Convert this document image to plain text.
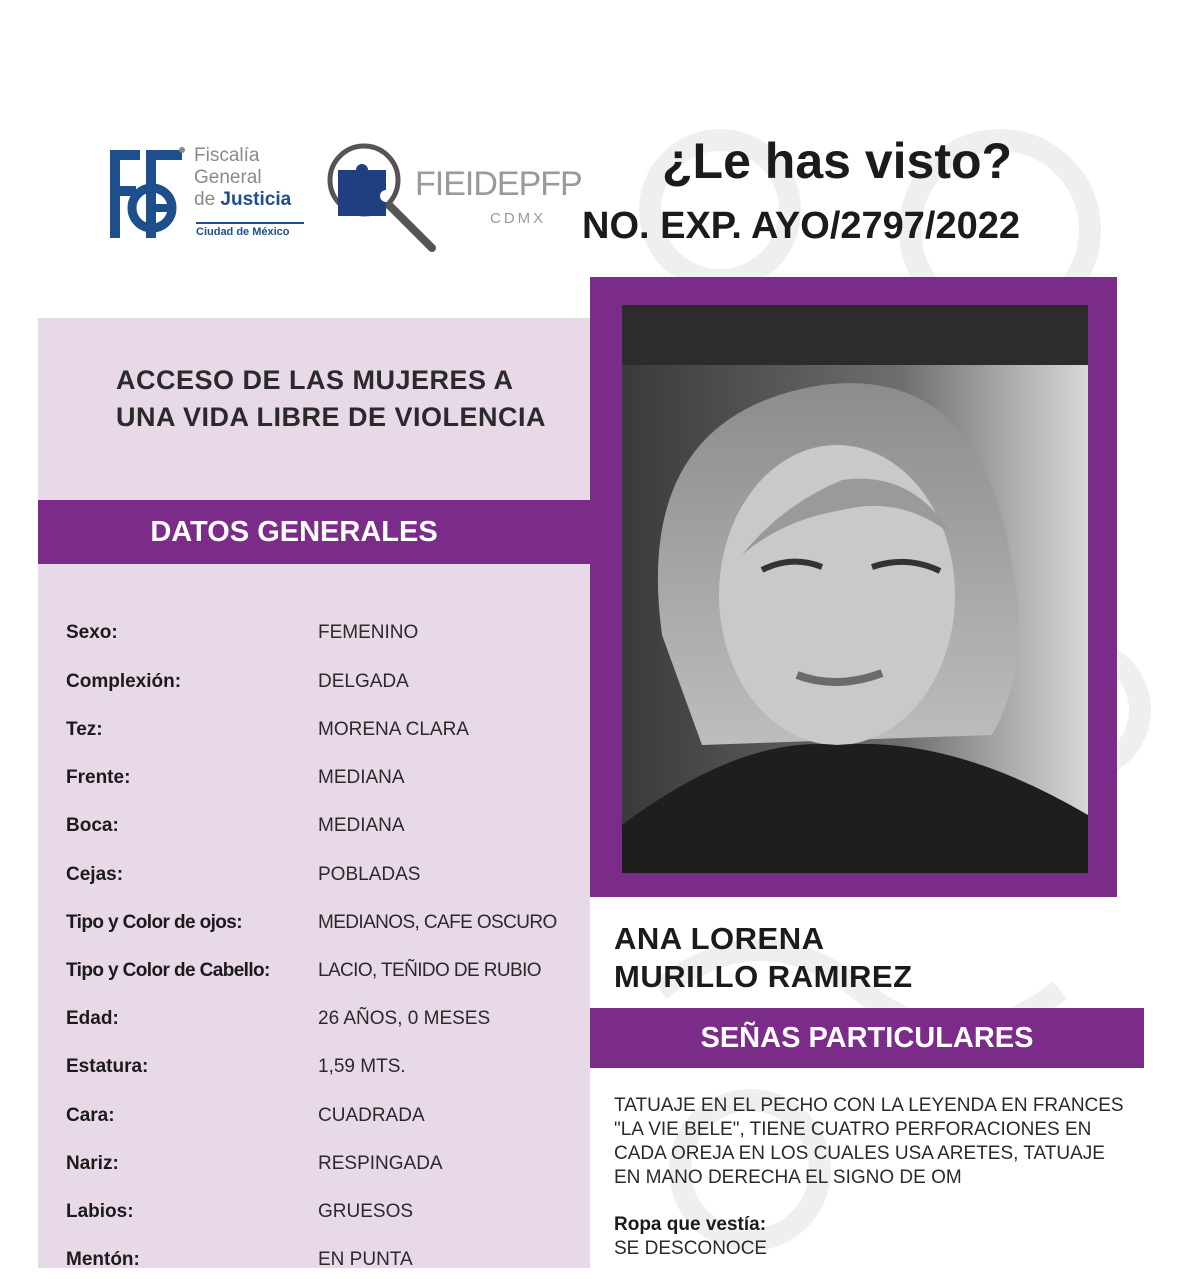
Fiscalía
General
de Justicia
Ciudad de México
FIEIDEPFP
CDMX
¿Le has visto?
NO. EXP. AYO/2797/2022
ACCESO DE LAS MUJERES A UNA VIDA LIBRE DE VIOLENCIA
DATOS GENERALES
Sexo:	FEMENINO
Complexión:	DELGADA
Tez:	MORENA CLARA
Frente:	MEDIANA
Boca:	MEDIANA
Cejas:	POBLADAS
Tipo y Color de ojos:	MEDIANOS, CAFE OSCURO
Tipo y Color de Cabello:	LACIO, TEÑIDO DE RUBIO
Edad:	26 AÑOS, 0 MESES
Estatura:	1,59 MTS.
Cara:	CUADRADA
Nariz:	RESPINGADA
Labios:	GRUESOS
Mentón:	EN PUNTA
ANA LORENA
MURILLO RAMIREZ
SEÑAS PARTICULARES
TATUAJE EN EL PECHO CON LA LEYENDA EN FRANCES "LA VIE BELE", TIENE CUATRO PERFORACIONES EN CADA OREJA EN LOS CUALES USA ARETES, TATUAJE EN MANO DERECHA EL SIGNO DE OM
Ropa que vestía:
SE DESCONOCE
